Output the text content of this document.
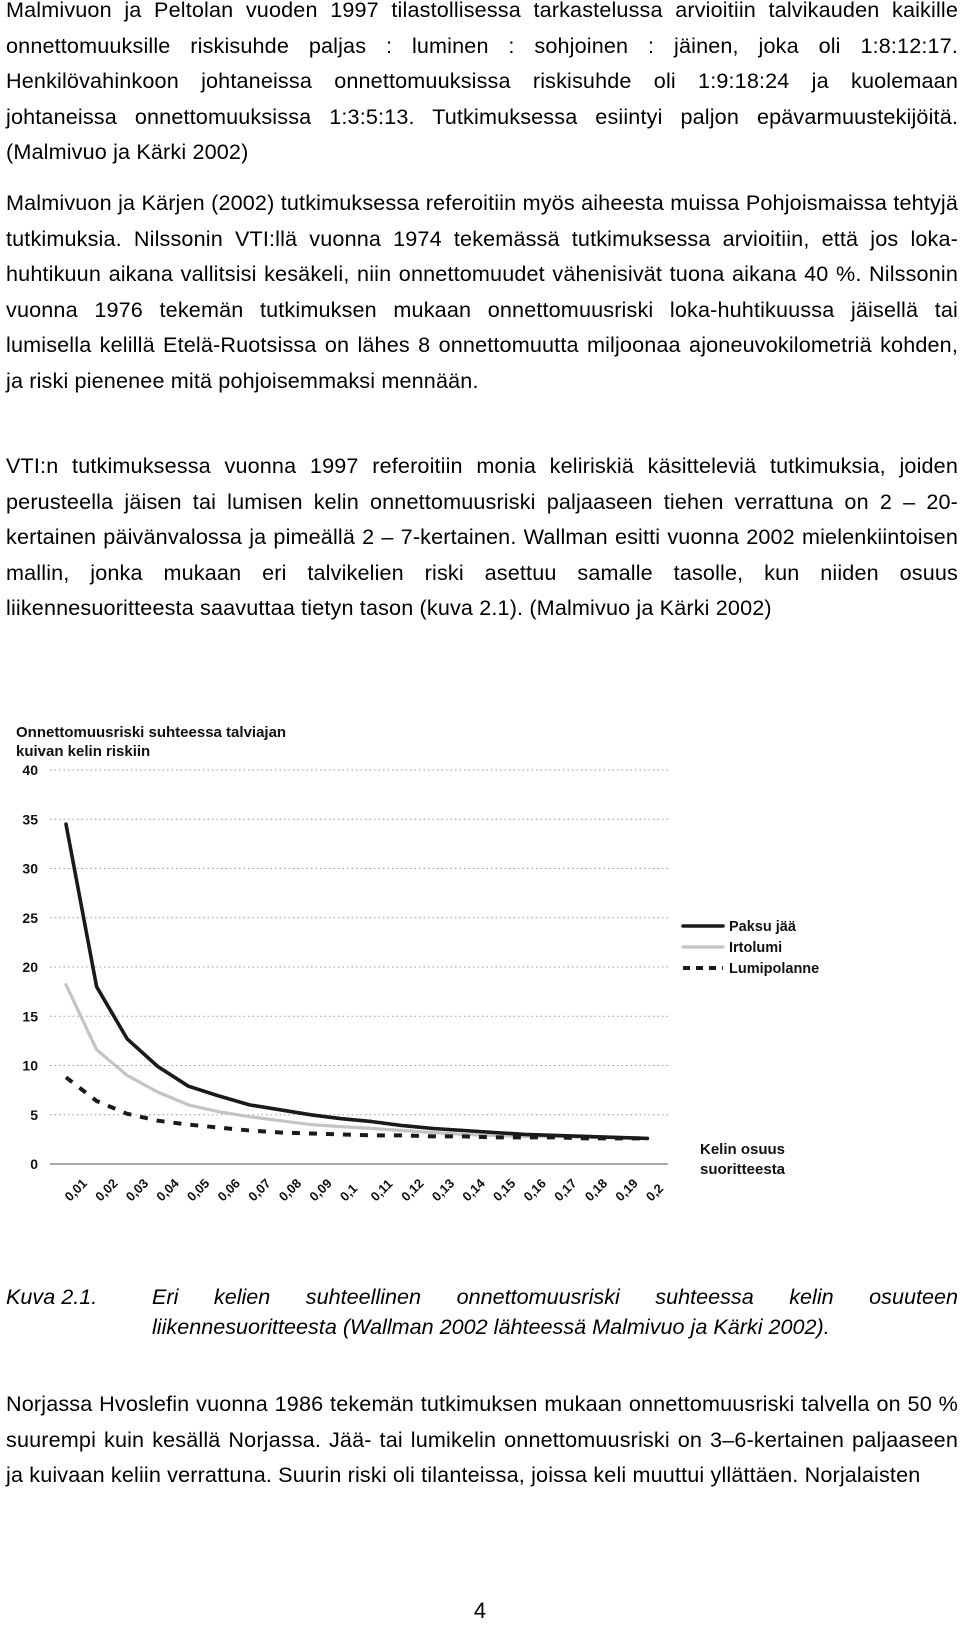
Malmivuon ja Peltolan vuoden 1997 tilastollisessa tarkastelussa arvioitiin talvikauden kaikille onnettomuuksille riskisuhde paljas : luminen : sohjoinen : jäinen, joka oli 1:8:12:17. Henkilövahinkoon johtaneissa onnettomuuksissa riskisuhde oli 1:9:18:24 ja kuolemaan johtaneissa onnettomuuksissa 1:3:5:13. Tutkimuksessa esiintyi paljon epävarmuustekijöitä. (Malmivuo ja Kärki 2002)

Malmivuon ja Kärjen (2002) tutkimuksessa referoitiin myös aiheesta muissa Pohjoismaissa tehtyjä tutkimuksia. Nilssonin VTI:llä vuonna 1974 tekemässä tutkimuksessa arvioitiin, että jos loka-huhtikuun aikana vallitsisi kesäkeli, niin onnettomuudet vähenisivät tuona aikana 40 %. Nilssonin vuonna 1976 tekemän tutkimuksen mukaan onnettomuusriski loka-huhtikuussa jäisellä tai lumisella kelillä Etelä-Ruotsissa on lähes 8 onnettomuutta miljoonaa ajoneuvokilometriä kohden, ja riski pienenee mitä pohjoisemmaksi mennään.

VTI:n tutkimuksessa vuonna 1997 referoitiin monia keliriskiä käsitteleviä tutkimuksia, joiden perusteella jäisen tai lumisen kelin onnettomuusriski paljaaseen tiehen verrattuna on 2 – 20-kertainen päivänvalossa ja pimeällä 2 – 7-kertainen. Wallman esitti vuonna 2002 mielenkiintoisen mallin, jonka mukaan eri talvikelien riski asettuu samalle tasolle, kun niiden osuus liikennesuoritteesta saavuttaa tietyn tason (kuva 2.1). (Malmivuo ja Kärki 2002)

Onnettomuusriski suhteessa talviajan
kuivan kelin riskiin
0
5
10
15
20
25
30
35
40
0,01 0,02 0,03 0,04 0,05 0,06 0,07 0,08 0,09 0,1 0,11 0,12 0,13 0,14 0,15 0,16 0,17 0,18 0,19 0,2
Kelin osuus
suoritteesta
Paksu jää
Irtolumi
Lumipolanne
Kuva 2.1.	Eri kelien suhteellinen onnettomuusriski suhteessa kelin osuuteen liikennesuoritteesta (Wallman 2002 lähteessä Malmivuo ja Kärki 2002).

Norjassa Hvoslefin vuonna 1986 tekemän tutkimuksen mukaan onnettomuusriski talvella on 50 % suurempi kuin kesällä Norjassa. Jää- tai lumikelin onnettomuusriski on 3–6-kertainen paljaaseen ja kuivaan keliin verrattuna. Suurin riski oli tilanteissa, joissa keli muuttui yllättäen. Norjalaisten

4
